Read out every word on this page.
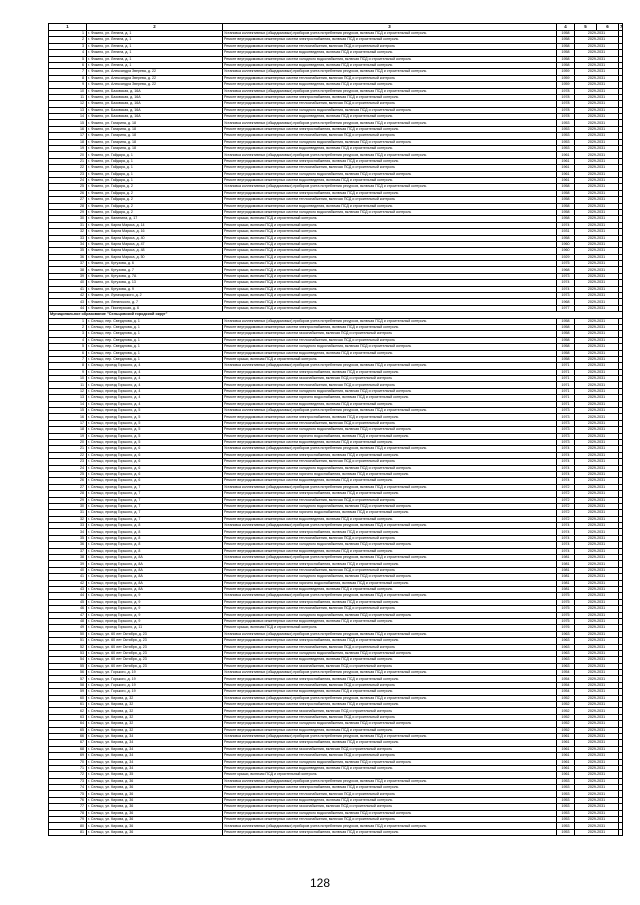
1	2	3	4	5	6	7
1	г. Фокино, ул. Ленина, д. 1	Установка коллективных (общедомовых) приборов учета потребления ресурсов, включая ПСД и строительный контроль	1958	2029-2031		
2	г. Фокино, ул. Ленина, д. 1	Ремонт внутридомовых инженерных систем электроснабжения, включая ПСД и строительный контроль	1958	2029-2031		
3	г. Фокино, ул. Ленина, д. 1	Ремонт внутридомовых инженерных систем теплоснабжения, включая ПСД и строительный контроль	1958	2029-2031		
4	г. Фокино, ул. Ленина, д. 1	Ремонт внутридомовых инженерных систем водоотведения, включая ПСД и строительный контроль	1958	2029-2031		
5	г. Фокино, ул. Ленина, д. 1	Ремонт внутридомовых инженерных систем холодного водоснабжения, включая ПСД и строительный контроль	1958	2029-2031		
6	г. Фокино, ул. Ленина, д. 1	Ремонт внутридомовых инженерных систем водоотведения, включая ПСД и строительный контроль	1958	2029-2031		
7	г. Фокино, ул. Александра Зверева, д. 22	Установка коллективных (общедомовых) приборов учета потребления ресурсов, включая ПСД и строительный контроль	1959	2029-2031		
8	г. Фокино, ул. Александра Зверева, д. 22	Ремонт внутридомовых инженерных систем теплоснабжения, включая ПСД и строительный контроль	1959	2029-2031		
9	г. Фокино, ул. Александра Зверева, д. 22	Ремонт внутридомовых инженерных систем водоотведения, включая ПСД и строительный контроль	1959	2029-2031		
10	г. Фокино, ул. Базовская, д. 16А	Установка коллективных (общедомовых) приборов учета потребления ресурсов, включая ПСД и строительный контроль	1978	2029-2031		
11	г. Фокино, ул. Базовская, д. 16А	Ремонт внутридомовых инженерных систем электроснабжения, включая ПСД и строительный контроль	1978	2029-2031		
12	г. Фокино, ул. Базовская, д. 16А	Ремонт внутридомовых инженерных систем теплоснабжения, включая ПСД и строительный контроль	1978	2029-2031		
13	г. Фокино, ул. Базовская, д. 16А	Ремонт внутридомовых инженерных систем холодного водоснабжения, включая ПСД и строительный контроль	1978	2029-2031		
14	г. Фокино, ул. Базовская, д. 16А	Ремонт внутридомовых инженерных систем водоотведения, включая ПСД и строительный контроль	1978	2029-2031		
15	г. Фокино, ул. Гагарина, д. 18	Установка коллективных (общедомовых) приборов учета потребления ресурсов, включая ПСД и строительный контроль	1953	2029-2031		
16	г. Фокино, ул. Гагарина, д. 18	Ремонт внутридомовых инженерных систем электроснабжения, включая ПСД и строительный контроль	1953	2029-2031		
17	г. Фокино, ул. Гагарина, д. 18	Ремонт внутридомовых инженерных систем теплоснабжения, включая ПСД и строительный контроль	1953	2029-2031		
18	г. Фокино, ул. Гагарина, д. 18	Ремонт внутридомовых инженерных систем холодного водоснабжения, включая ПСД и строительный контроль	1953	2029-2031		
19	г. Фокино, ул. Гагарина, д. 18	Ремонт внутридомовых инженерных систем водоотведения, включая ПСД и строительный контроль	1953	2029-2031		
20	г. Фокино, ул. Гайдара, д. 1	Установка коллективных (общедомовых) приборов учета потребления ресурсов, включая ПСД и строительный контроль	1961	2029-2031		
21	г. Фокино, ул. Гайдара, д. 1	Ремонт внутридомовых инженерных систем электроснабжения, включая ПСД и строительный контроль	1961	2029-2031		
22	г. Фокино, ул. Гайдара, д. 1	Ремонт внутридомовых инженерных систем теплоснабжения, включая ПСД и строительный контроль	1961	2029-2031		
23	г. Фокино, ул. Гайдара, д. 1	Ремонт внутридомовых инженерных систем холодного водоснабжения, включая ПСД и строительный контроль	1961	2029-2031		
24	г. Фокино, ул. Гайдара, д. 1	Ремонт внутридомовых инженерных систем водоотведения, включая ПСД и строительный контроль	1961	2029-2031		
25	г. Фокино, ул. Гайдара, д. 2	Установка коллективных (общедомовых) приборов учета потребления ресурсов, включая ПСД и строительный контроль	1958	2029-2031		
26	г. Фокино, ул. Гайдара, д. 2	Ремонт внутридомовых инженерных систем электроснабжения, включая ПСД и строительный контроль	1958	2029-2031		
27	г. Фокино, ул. Гайдара, д. 2	Ремонт внутридомовых инженерных систем теплоснабжения, включая ПСД и строительный контроль	1958	2029-2031		
28	г. Фокино, ул. Гайдара, д. 2	Ремонт внутридомовых инженерных систем водоотведения, включая ПСД и строительный контроль	1958	2029-2031		
29	г. Фокино, ул. Гайдара, д. 2	Ремонт внутридомовых инженерных систем холодного водоснабжения, включая ПСД и строительный контроль	1958	2029-2031		
30	г. Фокино, ул. Калинина, д. 17	Ремонт крыши, включая ПСД и строительный контроль	1958	2029-2031		
31	г. Фокино, ул. Карла Маркса, д. 14	Ремонт крыши, включая ПСД и строительный контроль	1974	2029-2031		
32	г. Фокино, ул. Карла Маркса, д. 16	Ремонт крыши, включая ПСД и строительный контроль	1931	2029-2031		
33	г. Фокино, ул. Карла Маркса, д. 40	Ремонт крыши, включая ПСД и строительный контроль	1958	2029-2031		
34	г. Фокино, ул. Карла Маркса, д. 47	Ремонт крыши, включая ПСД и строительный контроль	1960	2029-2031		
35	г. Фокино, ул. Карла Маркса, д. 48	Ремонт крыши, включая ПСД и строительный контроль	1960	2029-2031		
36	г. Фокино, ул. Карла Маркса, д. 50	Ремонт крыши, включая ПСД и строительный контроль	1929	2029-2031		
37	г. Фокино, ул. Кутузова, д. 6	Ремонт крыши, включая ПСД и строительный контроль	1975	2029-2031		
38	г. Фокино, ул. Кутузова, д. 7	Ремонт крыши, включая ПСД и строительный контроль	1968	2029-2031		
39	г. Фокино, ул. Кутузова, д. 7А	Ремонт крыши, включая ПСД и строительный контроль	1973	2029-2031		
40	г. Фокино, ул. Кутузова, д. 13	Ремонт крыши, включая ПСД и строительный контроль	1974	2029-2031		
41	г. Фокино, ул. Кутузова, д. 9	Ремонт крыши, включая ПСД и строительный контроль	1974	2029-2031		
42	г. Фокино, ул. Луначарского, д. 2	Ремонт крыши, включая ПСД и строительный контроль	1973	2029-2031		
43	г. Фокино, ул. Ленинского, д. 7	Ремонт крыши, включая ПСД и строительный контроль	1968	2029-2031		
44	г. Фокино, ул. Пионерская, д. 6	Ремонт крыши, включая ПСД и строительный контроль	1977	2029-2031		
Муниципальное образование "Сельцовский городской округ"						
1	г. Сельцо, пер. Свердлова, д. 1	Установка коллективных (общедомовых) приборов учета потребления ресурсов, включая ПСД и строительный контроль	1958	2029-2031		
2	г. Сельцо, пер. Свердлова, д. 1	Ремонт внутридомовых инженерных систем электроснабжения, включая ПСД и строительный контроль	1958	2029-2031		
3	г. Сельцо, пер. Свердлова, д. 1	Ремонт внутридомовых инженерных систем газоснабжения, включая ПСД и строительный контроль	1958	2029-2031		
4	г. Сельцо, пер. Свердлова, д. 1	Ремонт внутридомовых инженерных систем теплоснабжения, включая ПСД и строительный контроль	1958	2029-2031		
5	г. Сельцо, пер. Свердлова, д. 1	Ремонт внутридомовых инженерных систем холодного водоснабжения, включая ПСД и строительный контроль	1958	2029-2031		
6	г. Сельцо, пер. Свердлова, д. 1	Ремонт внутридомовых инженерных систем водоотведения, включая ПСД и строительный контроль	1958	2029-2031		
7	г. Сельцо, пер. Свердлова, д. 1	Ремонт крыши, включая ПСД и строительный контроль	1958	2029-2031		
8	г. Сельцо, проезд Горького, д. 4	Установка коллективных (общедомовых) приборов учета потребления ресурсов, включая ПСД и строительный контроль	1971	2029-2031		
9	г. Сельцо, проезд Горького, д. 4	Ремонт внутридомовых инженерных систем электроснабжения, включая ПСД и строительный контроль	1971	2029-2031		
10	г. Сельцо, проезд Горького, д. 4	Ремонт внутридомовых инженерных систем газоснабжения, включая ПСД и строительный контроль	1971	2029-2031		
11	г. Сельцо, проезд Горького, д. 4	Ремонт внутридомовых инженерных систем теплоснабжения, включая ПСД и строительный контроль	1971	2029-2031		
12	г. Сельцо, проезд Горького, д. 4	Ремонт внутридомовых инженерных систем холодного водоснабжения, включая ПСД и строительный контроль	1971	2029-2031		
13	г. Сельцо, проезд Горького, д. 4	Ремонт внутридомовых инженерных систем горячего водоснабжения, включая ПСД и строительный контроль	1971	2029-2031		
14	г. Сельцо, проезд Горького, д. 4	Ремонт внутридомовых инженерных систем водоотведения, включая ПСД и строительный контроль	1971	2029-2031		
15	г. Сельцо, проезд Горького, д. 5	Установка коллективных (общедомовых) приборов учета потребления ресурсов, включая ПСД и строительный контроль	1973	2029-2031		
16	г. Сельцо, проезд Горького, д. 5	Ремонт внутридомовых инженерных систем электроснабжения, включая ПСД и строительный контроль	1973	2029-2031		
17	г. Сельцо, проезд Горького, д. 5	Ремонт внутридомовых инженерных систем теплоснабжения, включая ПСД и строительный контроль	1973	2029-2031		
18	г. Сельцо, проезд Горького, д. 5	Ремонт внутридомовых инженерных систем холодного водоснабжения, включая ПСД и строительный контроль	1973	2029-2031		
19	г. Сельцо, проезд Горького, д. 5	Ремонт внутридомовых инженерных систем горячего водоснабжения, включая ПСД и строительный контроль	1973	2029-2031		
20	г. Сельцо, проезд Горького, д. 5	Ремонт внутридомовых инженерных систем водоотведения, включая ПСД и строительный контроль	1973	2029-2031		
21	г. Сельцо, проезд Горького, д. 6	Установка коллективных (общедомовых) приборов учета потребления ресурсов, включая ПСД и строительный контроль	1974	2029-2031		
22	г. Сельцо, проезд Горького, д. 6	Ремонт внутридомовых инженерных систем электроснабжения, включая ПСД и строительный контроль	1974	2029-2031		
23	г. Сельцо, проезд Горького, д. 6	Ремонт внутридомовых инженерных систем теплоснабжения, включая ПСД и строительный контроль	1974	2029-2031		
24	г. Сельцо, проезд Горького, д. 6	Ремонт внутридомовых инженерных систем холодного водоснабжения, включая ПСД и строительный контроль	1974	2029-2031		
25	г. Сельцо, проезд Горького, д. 6	Ремонт внутридомовых инженерных систем горячего водоснабжения, включая ПСД и строительный контроль	1974	2029-2031		
26	г. Сельцо, проезд Горького, д. 6	Ремонт внутридомовых инженерных систем водоотведения, включая ПСД и строительный контроль	1974	2029-2031		
27	г. Сельцо, проезд Горького, д. 7	Установка коллективных (общедомовых) приборов учета потребления ресурсов, включая ПСД и строительный контроль	1972	2029-2031		
28	г. Сельцо, проезд Горького, д. 7	Ремонт внутридомовых инженерных систем электроснабжения, включая ПСД и строительный контроль	1972	2029-2031		
29	г. Сельцо, проезд Горького, д. 7	Ремонт внутридомовых инженерных систем теплоснабжения, включая ПСД и строительный контроль	1972	2029-2031		
30	г. Сельцо, проезд Горького, д. 7	Ремонт внутридомовых инженерных систем холодного водоснабжения, включая ПСД и строительный контроль	1972	2029-2031		
31	г. Сельцо, проезд Горького, д. 7	Ремонт внутридомовых инженерных систем горячего водоснабжения, включая ПСД и строительный контроль	1972	2029-2031		
32	г. Сельцо, проезд Горького, д. 7	Ремонт внутридомовых инженерных систем водоотведения, включая ПСД и строительный контроль	1972	2029-2031		
33	г. Сельцо, проезд Горького, д. 8	Установка коллективных (общедомовых) приборов учета потребления ресурсов, включая ПСД и строительный контроль	1974	2029-2031		
34	г. Сельцо, проезд Горького, д. 8	Ремонт внутридомовых инженерных систем электроснабжения, включая ПСД и строительный контроль	1974	2029-2031		
35	г. Сельцо, проезд Горького, д. 8	Ремонт внутридомовых инженерных систем теплоснабжения, включая ПСД и строительный контроль	1974	2029-2031		
36	г. Сельцо, проезд Горького, д. 8	Ремонт внутридомовых инженерных систем холодного водоснабжения, включая ПСД и строительный контроль	1974	2029-2031		
37	г. Сельцо, проезд Горького, д. 8	Ремонт внутридомовых инженерных систем водоотведения, включая ПСД и строительный контроль	1974	2029-2031		
38	г. Сельцо, проезд Горького, д. 8А	Установка коллективных (общедомовых) приборов учета потребления ресурсов, включая ПСД и строительный контроль	1981	2029-2031		
39	г. Сельцо, проезд Горького, д. 8А	Ремонт внутридомовых инженерных систем электроснабжения, включая ПСД и строительный контроль	1981	2029-2031		
40	г. Сельцо, проезд Горького, д. 8А	Ремонт внутридомовых инженерных систем теплоснабжения, включая ПСД и строительный контроль	1981	2029-2031		
41	г. Сельцо, проезд Горького, д. 8А	Ремонт внутридомовых инженерных систем холодного водоснабжения, включая ПСД и строительный контроль	1981	2029-2031		
42	г. Сельцо, проезд Горького, д. 8А	Ремонт внутридомовых инженерных систем горячего водоснабжения, включая ПСД и строительный контроль	1981	2029-2031		
43	г. Сельцо, проезд Горького, д. 8А	Ремонт внутридомовых инженерных систем водоотведения, включая ПСД и строительный контроль	1981	2029-2031		
44	г. Сельцо, проезд Горького, д. 9	Установка коллективных (общедомовых) приборов учета потребления ресурсов, включая ПСД и строительный контроль	1975	2029-2031		
45	г. Сельцо, проезд Горького, д. 9	Ремонт внутридомовых инженерных систем электроснабжения, включая ПСД и строительный контроль	1975	2029-2031		
46	г. Сельцо, проезд Горького, д. 9	Ремонт внутридомовых инженерных систем теплоснабжения, включая ПСД и строительный контроль	1975	2029-2031		
47	г. Сельцо, проезд Горького, д. 9	Ремонт внутридомовых инженерных систем холодного водоснабжения, включая ПСД и строительный контроль	1975	2029-2031		
48	г. Сельцо, проезд Горького, д. 9	Ремонт внутридомовых инженерных систем водоотведения, включая ПСД и строительный контроль	1975	2029-2031		
49	г. Сельцо, проезд Горького, д. 11	Ремонт крыши, включая ПСД и строительный контроль	1976	2029-2031		
50	г. Сельцо, ул. 60 лет Октября, д. 23	Установка коллективных (общедомовых) приборов учета потребления ресурсов, включая ПСД и строительный контроль	1963	2029-2031		
51	г. Сельцо, ул. 60 лет Октября, д. 23	Ремонт внутридомовых инженерных систем электроснабжения, включая ПСД и строительный контроль	1963	2029-2031		
52	г. Сельцо, ул. 60 лет Октября, д. 23	Ремонт внутридомовых инженерных систем теплоснабжения, включая ПСД и строительный контроль	1963	2029-2031		
53	г. Сельцо, ул. 60 лет Октября, д. 23	Ремонт внутридомовых инженерных систем холодного водоснабжения, включая ПСД и строительный контроль	1963	2029-2031		
54	г. Сельцо, ул. 60 лет Октября, д. 23	Ремонт внутридомовых инженерных систем водоотведения, включая ПСД и строительный контроль	1963	2029-2031		
55	г. Сельцо, ул. 60 лет Октября, д. 23	Ремонт внутридомовых инженерных систем газоснабжения, включая ПСД и строительный контроль	1963	2029-2031		
56	г. Сельцо, ул. Горького, д. 19	Установка коллективных (общедомовых) приборов учета потребления ресурсов, включая ПСД и строительный контроль	1954	2029-2031		
57	г. Сельцо, ул. Горького, д. 19	Ремонт внутридомовых инженерных систем электроснабжения, включая ПСД и строительный контроль	1954	2029-2031		
58	г. Сельцо, ул. Горького, д. 19	Ремонт внутридомовых инженерных систем теплоснабжения, включая ПСД и строительный контроль	1954	2029-2031		
59	г. Сельцо, ул. Горького, д. 19	Ремонт внутридомовых инженерных систем водоотведения, включая ПСД и строительный контроль	1954	2029-2031		
60	г. Сельцо, ул. Кирова, д. 32	Установка коллективных (общедомовых) приборов учета потребления ресурсов, включая ПСД и строительный контроль	1952	2029-2031		
61	г. Сельцо, ул. Кирова, д. 32	Ремонт внутридомовых инженерных систем электроснабжения, включая ПСД и строительный контроль	1952	2029-2031		
62	г. Сельцо, ул. Кирова, д. 32	Ремонт внутридомовых инженерных систем газоснабжения, включая ПСД и строительный контроль	1952	2029-2031		
63	г. Сельцо, ул. Кирова, д. 32	Ремонт внутридомовых инженерных систем теплоснабжения, включая ПСД и строительный контроль	1952	2029-2031		
64	г. Сельцо, ул. Кирова, д. 32	Ремонт внутридомовых инженерных систем холодного водоснабжения, включая ПСД и строительный контроль	1952	2029-2031		
65	г. Сельцо, ул. Кирова, д. 32	Ремонт внутридомовых инженерных систем водоотведения, включая ПСД и строительный контроль	1952	2029-2031		
66	г. Сельцо, ул. Кирова, д. 34	Установка коллективных (общедомовых) приборов учета потребления ресурсов, включая ПСД и строительный контроль	1961	2029-2031		
67	г. Сельцо, ул. Кирова, д. 34	Ремонт внутридомовых инженерных систем электроснабжения, включая ПСД и строительный контроль	1961	2029-2031		
68	г. Сельцо, ул. Кирова, д. 34	Ремонт внутридомовых инженерных систем газоснабжения, включая ПСД и строительный контроль	1961	2029-2031		
69	г. Сельцо, ул. Кирова, д. 34	Ремонт внутридомовых инженерных систем теплоснабжения, включая ПСД и строительный контроль	1961	2029-2031		
70	г. Сельцо, ул. Кирова, д. 34	Ремонт внутридомовых инженерных систем холодного водоснабжения, включая ПСД и строительный контроль	1961	2029-2031		
71	г. Сельцо, ул. Кирова, д. 34	Ремонт внутридомовых инженерных систем водоотведения, включая ПСД и строительный контроль	1961	2029-2031		
72	г. Сельцо, ул. Кирова, д. 35	Ремонт крыши, включая ПСД и строительный контроль	1961	2029-2031		
73	г. Сельцо, ул. Кирова, д. 36	Установка коллективных (общедомовых) приборов учета потребления ресурсов, включая ПСД и строительный контроль	1953	2029-2031		
74	г. Сельцо, ул. Кирова, д. 36	Ремонт внутридомовых инженерных систем электроснабжения, включая ПСД и строительный контроль	1953	2029-2031		
75	г. Сельцо, ул. Кирова, д. 36	Ремонт внутридомовых инженерных систем теплоснабжения, включая ПСД и строительный контроль	1953	2029-2031		
76	г. Сельцо, ул. Кирова, д. 36	Ремонт внутридомовых инженерных систем водоотведения, включая ПСД и строительный контроль	1953	2029-2031		
77	г. Сельцо, ул. Кирова, д. 36	Ремонт внутридомовых инженерных систем газоснабжения, включая ПСД и строительный контроль	1953	2029-2031		
78	г. Сельцо, ул. Кирова, д. 36	Ремонт внутридомовых инженерных систем холодного водоснабжения, включая ПСД и строительный контроль	1953	2029-2031		
79	г. Сельцо, ул. Кирова, д. 36	Ремонт внутридомовых инженерных систем теплоснабжения, включая ПСД и строительный контроль	1953	2029-2031		
80	г. Сельцо, ул. Кирова, д. 36	Установка коллективных (общедомовых) приборов учета потребления ресурсов, включая ПСД и строительный контроль	1953	2029-2031		
81	г. Сельцо, ул. Кирова, д. 36	Ремонт внутридомовых инженерных систем электроснабжения, включая ПСД и строительный контроль	1953	2029-2031		
128
